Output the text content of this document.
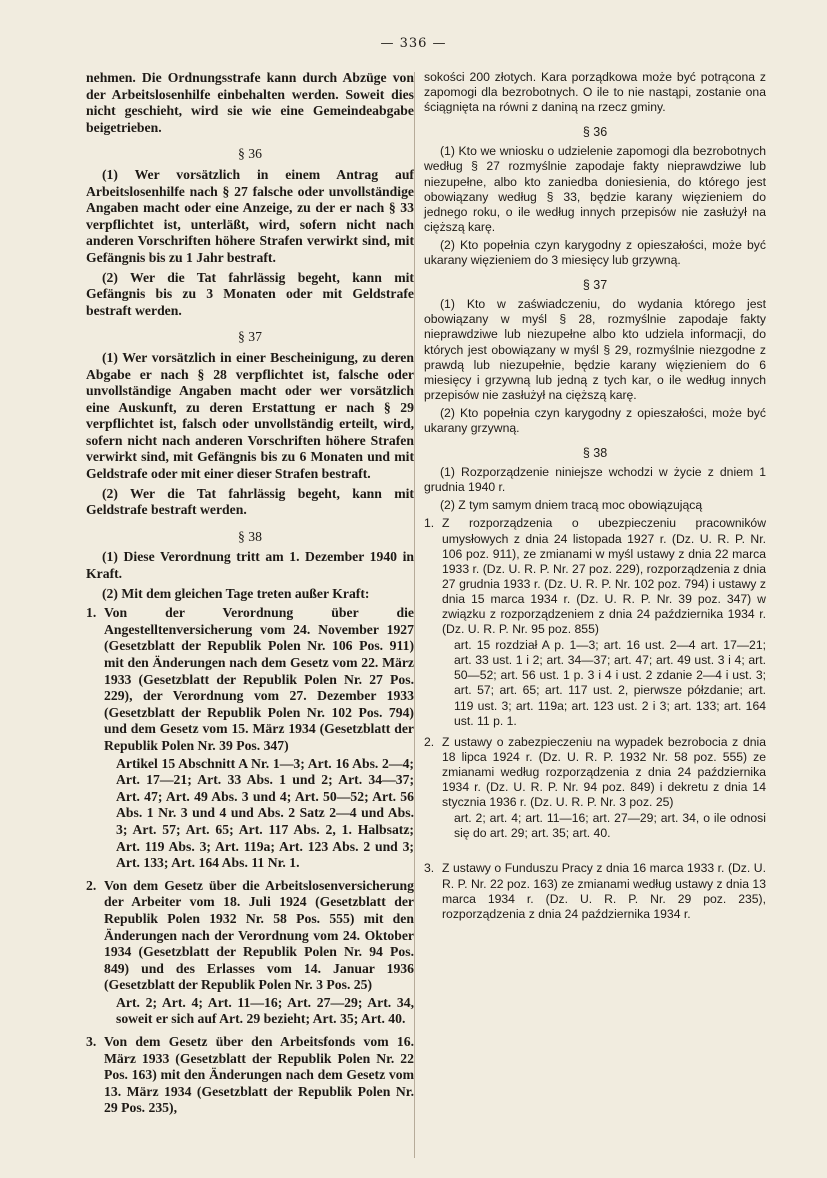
— 336 —

nehmen. Die Ordnungsstrafe kann durch Abzüge von der Arbeitslosenhilfe einbehalten werden. Soweit dies nicht geschieht, wird sie wie eine Gemeindeabgabe beigetrieben.

§ 36

(1) Wer vorsätzlich in einem Antrag auf Arbeitslosenhilfe nach § 27 falsche oder unvollständige Angaben macht oder eine Anzeige, zu der er nach § 33 verpflichtet ist, unterläßt, wird, sofern nicht nach anderen Vorschriften höhere Strafen verwirkt sind, mit Gefängnis bis zu 1 Jahr bestraft.

(2) Wer die Tat fahrlässig begeht, kann mit Gefängnis bis zu 3 Monaten oder mit Geldstrafe bestraft werden.

§ 37

(1) Wer vorsätzlich in einer Bescheinigung, zu deren Abgabe er nach § 28 verpflichtet ist, falsche oder unvollständige Angaben macht oder wer vorsätzlich eine Auskunft, zu deren Erstattung er nach § 29 verpflichtet ist, falsch oder unvollständig erteilt, wird, sofern nicht nach anderen Vorschriften höhere Strafen verwirkt sind, mit Gefängnis bis zu 6 Monaten und mit Geldstrafe oder mit einer dieser Strafen bestraft.

(2) Wer die Tat fahrlässig begeht, kann mit Geldstrafe bestraft werden.

§ 38

(1) Diese Verordnung tritt am 1. Dezember 1940 in Kraft.

(2) Mit dem gleichen Tage treten außer Kraft:

1. Von der Verordnung über die Angestelltenversicherung vom 24. November 1927 (Gesetzblatt der Republik Polen Nr. 106 Pos. 911) mit den Änderungen nach dem Gesetz vom 22. März 1933 (Gesetzblatt der Republik Polen Nr. 27 Pos. 229), der Verordnung vom 27. Dezember 1933 (Gesetzblatt der Republik Polen Nr. 102 Pos. 794) und dem Gesetz vom 15. März 1934 (Gesetzblatt der Republik Polen Nr. 39 Pos. 347)
Artikel 15 Abschnitt A Nr. 1—3; Art. 16 Abs. 2—4; Art. 17—21; Art. 33 Abs. 1 und 2; Art. 34—37; Art. 47; Art. 49 Abs. 3 und 4; Art. 50—52; Art. 56 Abs. 1 Nr. 3 und 4 und Abs. 2 Satz 2—4 und Abs. 3; Art. 57; Art. 65; Art. 117 Abs. 2, 1. Halbsatz; Art. 119 Abs. 3; Art. 119a; Art. 123 Abs. 2 und 3; Art. 133; Art. 164 Abs. 11 Nr. 1.
2. Von dem Gesetz über die Arbeitslosenversicherung der Arbeiter vom 18. Juli 1924 (Gesetzblatt der Republik Polen 1932 Nr. 58 Pos. 555) mit den Änderungen nach der Verordnung vom 24. Oktober 1934 (Gesetzblatt der Republik Polen Nr. 94 Pos. 849) und des Erlasses vom 14. Januar 1936 (Gesetzblatt der Republik Polen Nr. 3 Pos. 25)
Art. 2; Art. 4; Art. 11—16; Art. 27—29; Art. 34, soweit er sich auf Art. 29 bezieht; Art. 35; Art. 40.
3. Von dem Gesetz über den Arbeitsfonds vom 16. März 1933 (Gesetzblatt der Republik Polen Nr. 22 Pos. 163) mit den Änderungen nach dem Gesetz vom 13. März 1934 (Gesetzblatt der Republik Polen Nr. 29 Pos. 235),

sokości 200 złotych. Kara porządkowa może być potrącona z zapomogi dla bezrobotnych. O ile to nie nastąpi, zostanie ona ściągnięta na równi z daniną na rzecz gminy.

§ 36

(1) Kto we wniosku o udzielenie zapomogi dla bezrobotnych według § 27 rozmyślnie zapodaje fakty nieprawdziwe lub niezupełne, albo kto zaniedba doniesienia, do którego jest obowiązany według § 33, będzie karany więzieniem do jednego roku, o ile według innych przepisów nie zasłużył na cięższą karę.

(2) Kto popełnia czyn karygodny z opieszałości, może być ukarany więzieniem do 3 miesięcy lub grzywną.

§ 37

(1) Kto w zaświadczeniu, do wydania którego jest obowiązany w myśl § 28, rozmyślnie zapodaje fakty nieprawdziwe lub niezupełne albo kto udziela informacji, do których jest obowiązany w myśl § 29, rozmyślnie niezgodne z prawdą lub niezupełnie, będzie karany więzieniem do 6 miesięcy i grzywną lub jedną z tych kar, o ile według innych przepisów nie zasłużył na cięższą karę.

(2) Kto popełnia czyn karygodny z opieszałości, może być ukarany grzywną.

§ 38

(1) Rozporządzenie niniejsze wchodzi w życie z dniem 1 grudnia 1940 r.

(2) Z tym samym dniem tracą moc obowiązującą

1. Z rozporządzenia o ubezpieczeniu pracowników umysłowych z dnia 24 listopada 1927 r. (Dz. U. R. P. Nr. 106 poz. 911), ze zmianami w myśl ustawy z dnia 22 marca 1933 r. (Dz. U. R. P. Nr. 27 poz. 229), rozporządzenia z dnia 27 grudnia 1933 r. (Dz. U. R. P. Nr. 102 poz. 794) i ustawy z dnia 15 marca 1934 r. (Dz. U. R. P. Nr. 39 poz. 347) w związku z rozporządzeniem z dnia 24 października 1934 r. (Dz. U. R. P. Nr. 95 poz. 855)
art. 15 rozdział A p. 1—3; art. 16 ust. 2—4 art. 17—21; art. 33 ust. 1 i 2; art. 34—37; art. 47; art. 49 ust. 3 i 4; art. 50—52; art. 56 ust. 1 p. 3 i 4 i ust. 2 zdanie 2—4 i ust. 3; art. 57; art. 65; art. 117 ust. 2, pierwsze półzdanie; art. 119 ust. 3; art. 119a; art. 123 ust. 2 i 3; art. 133; art. 164 ust. 11 p. 1.
2. Z ustawy o zabezpieczeniu na wypadek bezrobocia z dnia 18 lipca 1924 r. (Dz. U. R. P. 1932 Nr. 58 poz. 555) ze zmianami według rozporządzenia z dnia 24 października 1934 r. (Dz. U. R. P. Nr. 94 poz. 849) i dekretu z dnia 14 stycznia 1936 r. (Dz. U. R. P. Nr. 3 poz. 25)
art. 2; art. 4; art. 11—16; art. 27—29; art. 34, o ile odnosi się do art. 29; art. 35; art. 40.
3. Z ustawy o Funduszu Pracy z dnia 16 marca 1933 r. (Dz. U. R. P. Nr. 22 poz. 163) ze zmianami według ustawy z dnia 13 marca 1934 r. (Dz. U. R. P. Nr. 29 poz. 235), rozporządzenia z dnia 24 października 1934 r.
